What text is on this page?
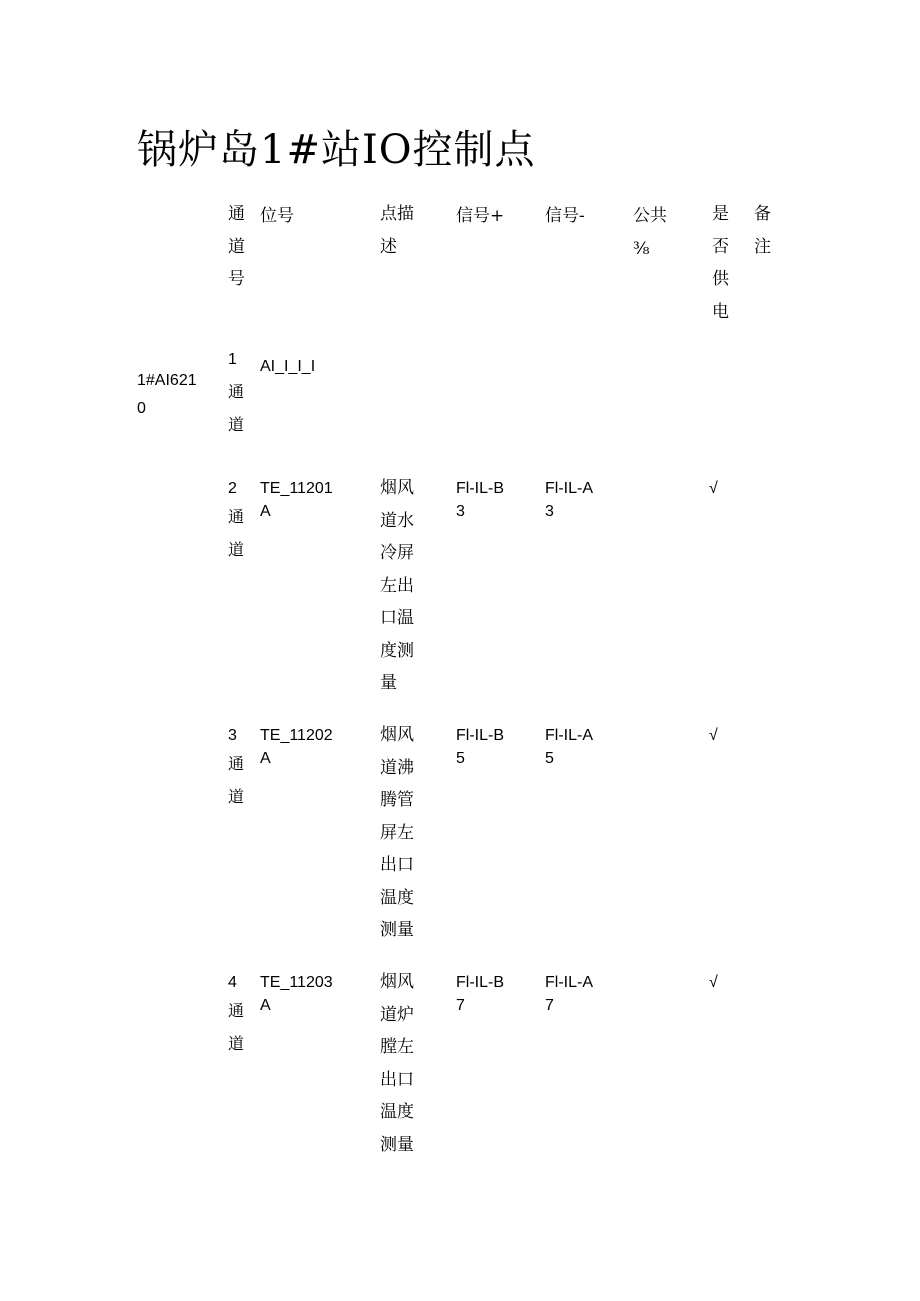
锅炉岛1#站IO控制点
通道号
位号	点描述
信号+ 信号-	公共⅜
是否供电
备注
1#AI6210
1
通道
AI_I_I_I
2
通道
TE_11201A
烟风道水冷屏左出口温度测量
Fl-IL-B3
Fl-IL-A3
√
3
通道
TE_11202A
烟风道沸腾管屏左出口温度测量
Fl-IL-B5
Fl-IL-A5
√
4
通道
TE_11203A
烟风道炉膛左出口温度测量
Fl-IL-B7
Fl-IL-A7
√
